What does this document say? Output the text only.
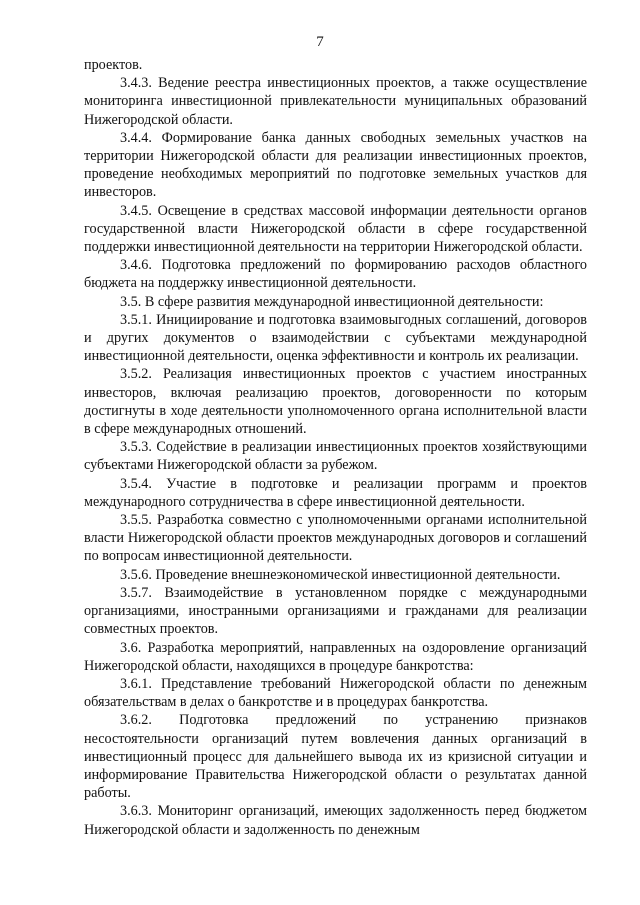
7

проектов.

3.4.3. Ведение реестра инвестиционных проектов, а также осуществление мониторинга инвестиционной привлекательности муниципальных образований Нижегородской области.

3.4.4. Формирование банка данных свободных земельных участков на территории Нижегородской области для реализации инвестиционных проектов, проведение необходимых мероприятий по подготовке земельных участков для инвесторов.

3.4.5. Освещение в средствах массовой информации деятельности органов государственной власти Нижегородской области в сфере государственной поддержки инвестиционной деятельности на территории Нижегородской области.

3.4.6. Подготовка предложений по формированию расходов областного бюджета на поддержку инвестиционной деятельности.

3.5. В сфере развития международной инвестиционной деятельности:

3.5.1. Инициирование и подготовка взаимовыгодных соглашений, договоров и других документов о взаимодействии с субъектами международной инвестиционной деятельности, оценка эффективности и контроль их реализации.

3.5.2. Реализация инвестиционных проектов с участием иностранных инвесторов, включая реализацию проектов, договоренности по которым достигнуты в ходе деятельности уполномоченного органа исполнительной власти в сфере международных отношений.

3.5.3. Содействие в реализации инвестиционных проектов хозяйствующими субъектами Нижегородской области за рубежом.

3.5.4. Участие в подготовке и реализации программ и проектов международного сотрудничества в сфере инвестиционной деятельности.

3.5.5. Разработка совместно с уполномоченными органами исполнительной власти Нижегородской области проектов международных договоров и соглашений по вопросам инвестиционной деятельности.

3.5.6. Проведение внешнеэкономической инвестиционной деятельности.

3.5.7. Взаимодействие в установленном порядке с международными организациями, иностранными организациями и гражданами для реализации совместных проектов.

3.6. Разработка мероприятий, направленных на оздоровление организаций Нижегородской области, находящихся в процедуре банкротства:

3.6.1. Представление требований Нижегородской области по денежным обязательствам в делах о банкротстве и в процедурах банкротства.

3.6.2. Подготовка предложений по устранению признаков несостоятельности организаций путем вовлечения данных организаций в инвестиционный процесс для дальнейшего вывода их из кризисной ситуации и информирование Правительства Нижегородской области о результатах данной работы.

3.6.3. Мониторинг организаций, имеющих задолженность перед бюджетом Нижегородской области и задолженность по денежным
